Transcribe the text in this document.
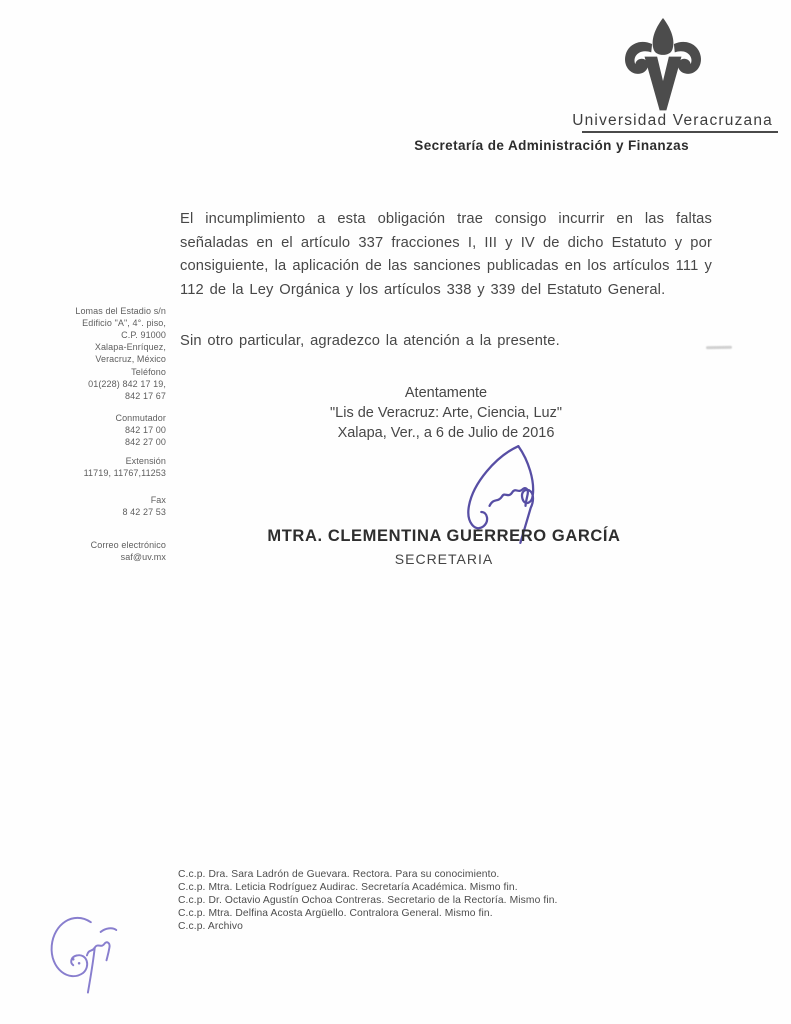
Universidad Veracruzana
Secretaría de Administración y Finanzas
Lomas del Estadio s/n
Edificio "A", 4°. piso,
C.P. 91000
Xalapa-Enríquez,
Veracruz, México
Teléfono
01(228) 842 17 19,
842 17 67
Conmutador
842 17 00
842 27 00
Extensión
11719, 11767,11253
Fax
8 42 27 53
Correo electrónico
saf@uv.mx

El incumplimiento a esta obligación trae consigo incurrir en las faltas señaladas en el artículo 337 fracciones I, III y IV de dicho Estatuto y por consiguiente, la aplicación de las sanciones publicadas en los artículos 111 y 112 de la Ley Orgánica y los artículos 338 y 339 del Estatuto General.

Sin otro particular, agradezco la atención a la presente.

Atentamente
"Lis de Veracruz: Arte, Ciencia, Luz"
Xalapa, Ver., a 6 de Julio de 2016
MTRA. CLEMENTINA GUERRERO GARCÍA
SECRETARIA
C.c.p. Dra. Sara Ladrón de Guevara. Rectora. Para su conocimiento.
C.c.p. Mtra. Leticia Rodríguez Audirac. Secretaría Académica. Mismo fin.
C.c.p. Dr. Octavio Agustín Ochoa Contreras. Secretario de la Rectoría. Mismo fin.
C.c.p. Mtra. Delfina Acosta Argüello. Contralora General. Mismo fin.
C.c.p. Archivo
